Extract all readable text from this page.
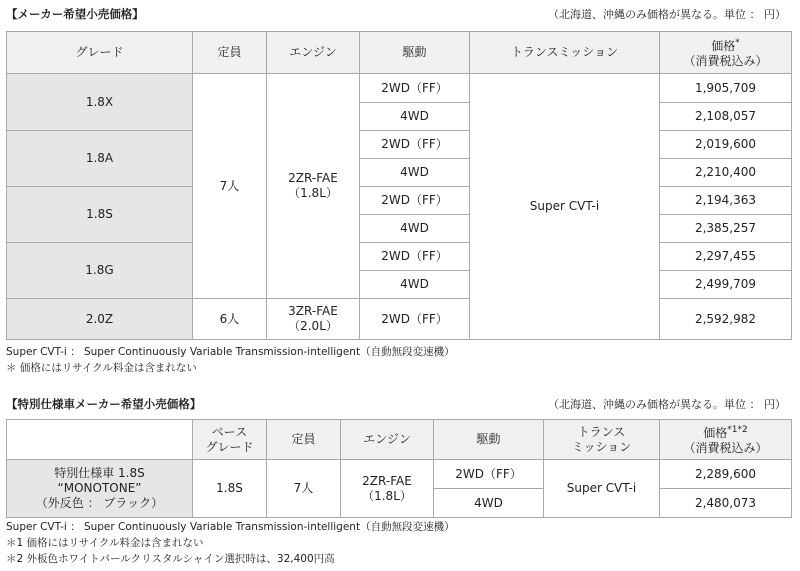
【メーカー希望小売価格】	（北海道、沖縄のみ価格が異なる。単位 ： 円）
グレード	定員	エンジン	駆動	トランスミッション	価格*
（消費税込み）
1.8X	7人	2ZR-FAE
（1.8L）	2WD（FF）	Super CVT-i	1,905,709
			4WD		2,108,057
1.8A			2WD（FF）		2,019,600
			4WD		2,210,400
1.8S			2WD（FF）		2,194,363
			4WD		2,385,257
1.8G			2WD（FF）		2,297,455
			4WD		2,499,709
2.0Z	6人	3ZR-FAE
（2.0L）	2WD（FF）		2,592,982
Super CVT-i ： Super Continuously Variable Transmission-intelligent（自動無段変速機）
＊ 価格にはリサイクル料金は含まれない
【特別仕様車メーカー希望小売価格】	（北海道、沖縄のみ価格が異なる。単位 ： 円）
	ベース
グレード	定員	エンジン	駆動	トランス
ミッション	価格$^{*1*2}$
（消費税込み）
特別仕様車 1.8S
“MONOTONE”
（外反色 ： ブラック）	1.8S	7人	2ZR-FAE
（1.8L）	2WD（FF）	Super CVT-i	2,289,600
				4WD		2,480,073
Super CVT-i ： Super Continuously Variable Transmission-intelligent（自動無段変速機）
＊1 価格にはリサイクル料金は含まれない
＊2 外板色ホワイトパールクリスタルシャイン選択時は、32,400円高
